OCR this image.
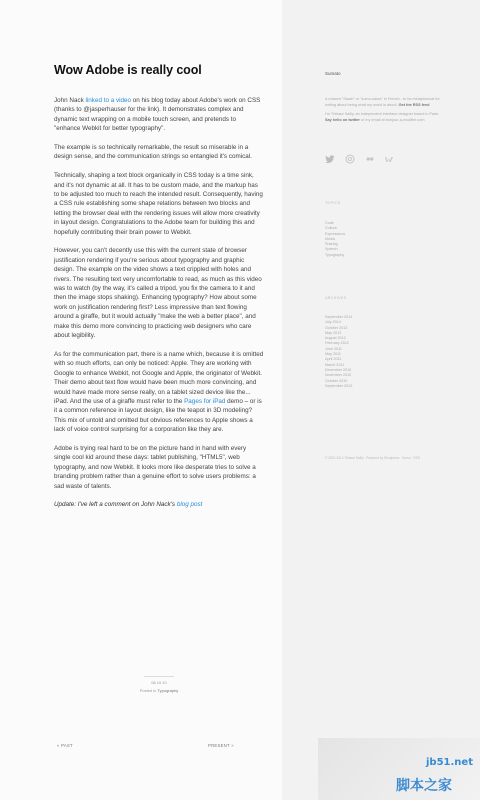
Wow Adobe is really cool

John Nack linked to a video on his blog today about Adobe's work on CSS (thanks to @jasperhauser for the link). It demonstrates complex and dynamic text wrapping on a mobile touch screen, and pretends to "enhance Webkit for better typography".

The example is so technically remarkable, the result so miserable in a design sense, and the communication strings so entangled it's comical.

Technically, shaping a text block organically in CSS today is a time sink, and it's not dynamic at all. It has to be custom made, and the markup has to be adjusted too much to reach the intended result. Consequently, having a CSS rule establishing some shape relations between two blocks and letting the browser deal with the rendering issues will allow more creativity in layout design. Congratulations to the Adobe team for building this and hopefully contributing their brain power to Webkit.

However, you can't decently use this with the current state of browser justification rendering if you're serious about typography and graphic design. The example on the video shows a text crippled with holes and rivers. The resulting text very uncomfortable to read, as much as this video was to watch (by the way, it's called a tripod, you fix the camera to it and then the image stops shaking). Enhancing typography? How about some work on justification rendering first? Less impressive than text flowing around a giraffe, but it would actually "make the web a better place", and make this demo more convincing to practicing web designers who care about legibility.

As for the communication part, there is a name which, because it is omitted with so much efforts, can only be noticed: Apple. They are working with Google to enhance Webkit, not Google and Apple, the originator of Webkit. Their demo about text flow would have been much more convincing, and would have made more sense really, on a tablet sized device like the... iPad. And the use of a giraffe must refer to the Pages for iPad demo – or is it a common reference in layout design, like the teapot in 3D modeling? This mix of untold and omitted but obvious references to Apple shows a lack of voice control surprising for a corporation like they are.

Adobe is trying real hard to be on the picture hand in hand with every single cool kid around these days: tablet publishing, "HTML5", web typography, and now Webkit. It looks more like desperate tries to solve a branding problem rather than a genuine effort to solve users problems: a sad waste of talents.

Update: I've left a comment on John Nack's blog post

08.10.10
Posted in Typography
« PAST	PRESENT »
Sumato

A relaxed "Sarah" or "sumo-sama" in French - to ha metaphorical for writing about being what my world is about. Get the RSS feed

I'm Thibaut Sailly, an independent interface designer based in Paris. Say hello on twitter or my email at bonjour-a-modifier.com

TOPICS
Code
Culture
Expressions
Media
Sharing
Speech
Typography
ARCHIVES
September 2014
July 2014
October 2013
May 2013
August 2012
February 2012
June 2011
May 2011
April 2011
March 2011
December 2010
November 2010
October 2010
September 2010
© 2010-2014 Thibaut Sailly · Powered by Wordpress · Sumo · RSS
jb51.net
脚本之家
